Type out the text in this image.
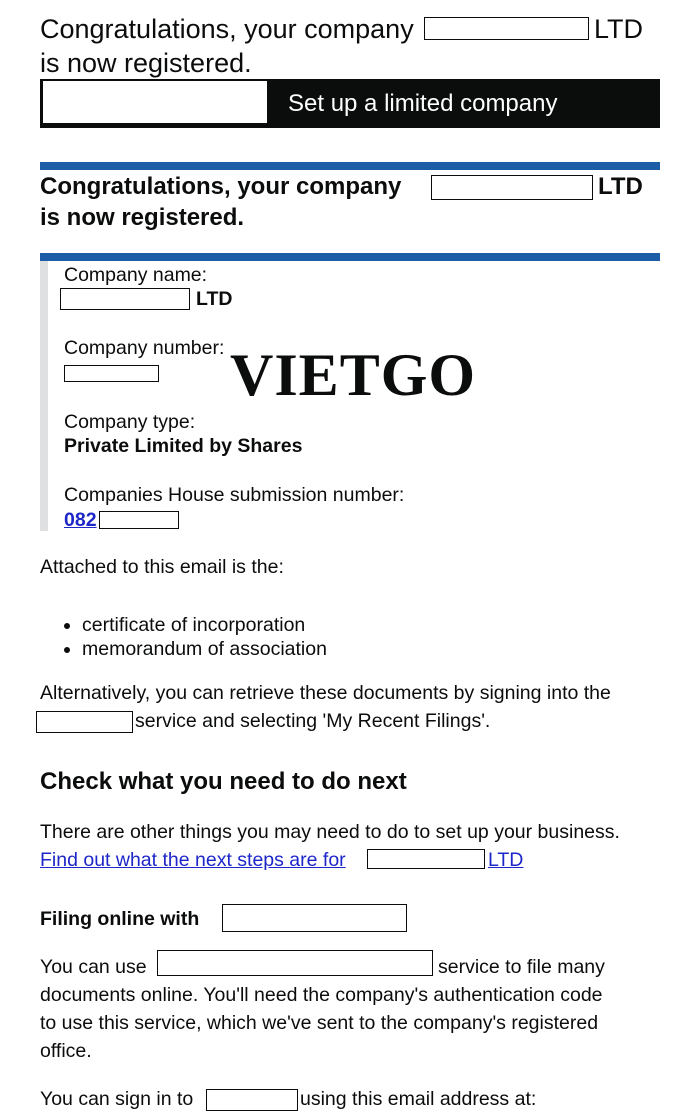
Congratulations, your company	LTD
is now registered.
Set up a limited company
Congratulations, your company	LTD
is now registered.
Company name:
LTD
Company number:
Company type:
Private Limited by Shares
Companies House submission number:
082
VIETGO
Attached to this email is the:
certificate of incorporation
memorandum of association
Alternatively, you can retrieve these documents by signing into the
service and selecting 'My Recent Filings'.
Check what you need to do next
There are other things you may need to do to set up your business.
Find out what the next steps are for	LTD
Filing online with
You can use	service to file many
documents online. You'll need the company's authentication code
to use this service, which we've sent to the company's registered
office.
You can sign in to	using this email address at:
